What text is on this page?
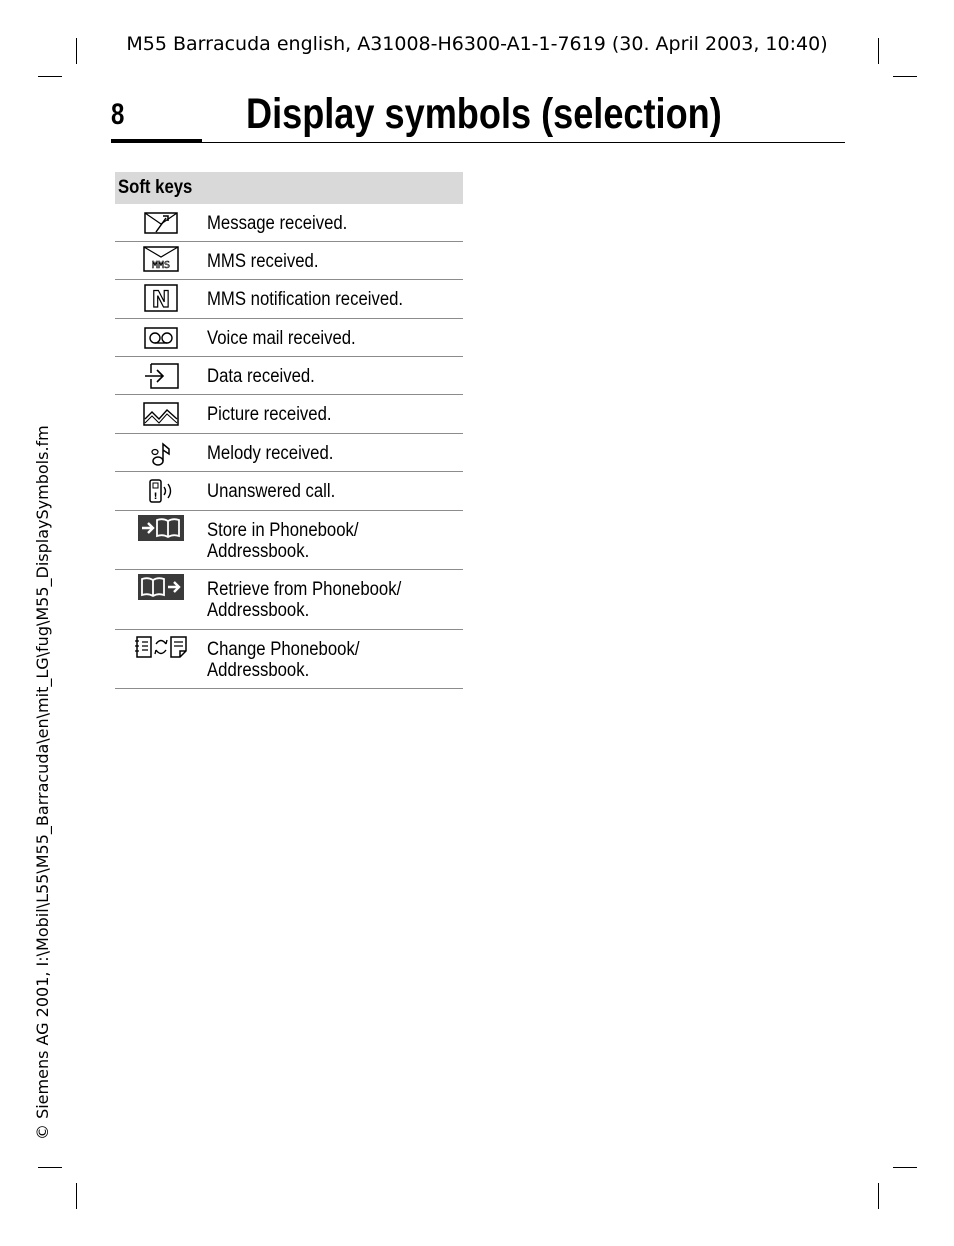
M55 Barracuda english, A31008-H6300-A1-1-7619 (30. April 2003, 10:40)
8	Display symbols (selection)
© Siemens AG 2001, I:\Mobil\L55\M55_Barracuda\en\mit_LG\fug\M55_DisplaySymbols.fm
Soft keys
Message received.
MMS MMS received.
N MMS notification received.
Voice mail received.
Data received.
Picture received.
Melody received.
!	Unanswered call.
Store in Phonebook/
Addressbook.
Retrieve from Phonebook/
Addressbook.
Change Phonebook/
Addressbook.
